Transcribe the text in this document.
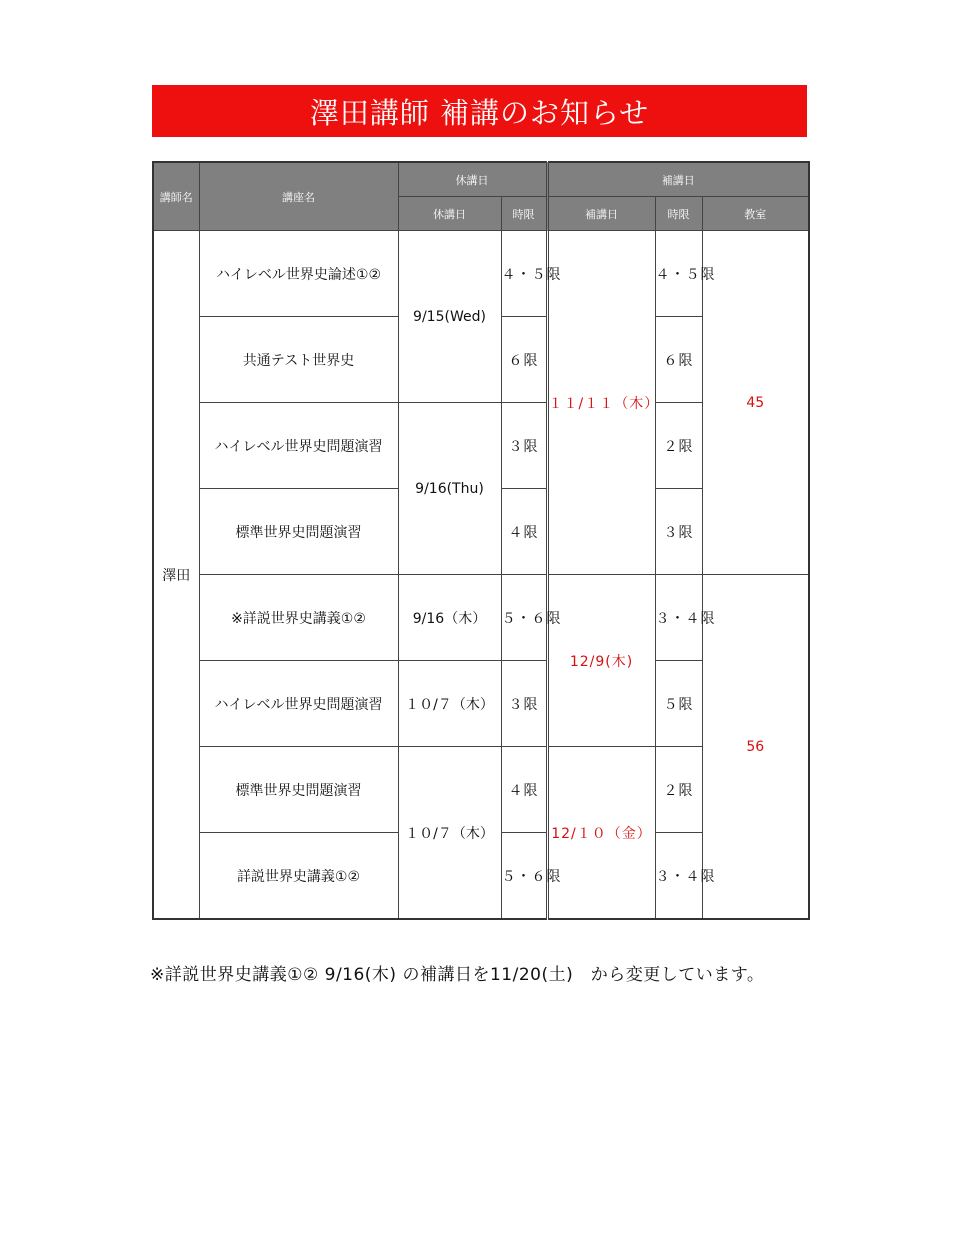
澤田講師 補講のお知らせ
講師名	講座名	休講日		補講日		
		休講日	時限	補講日	時限	教室
澤田	ハイレベル世界史論述①②	9/15(Wed)	４・５限	１１/１１（木）	４・５限	45
	共通テスト世界史		６限		６限	
	ハイレベル世界史問題演習	9/16(Thu)	３限		２限	
	標準世界史問題演習		４限		３限	
	※詳説世界史講義①②	9/16（木）	５・６限	12/9(木)	３・４限	56
	ハイレベル世界史問題演習	１０/７（木）	３限		５限	
	標準世界史問題演習	１０/７（木）	４限	12/１０（金）	２限	
	詳説世界史講義①②		５・６限		３・４限	
※詳説世界史講義①② 9/16(木) の補講日を11/20(土)　から変更しています。
